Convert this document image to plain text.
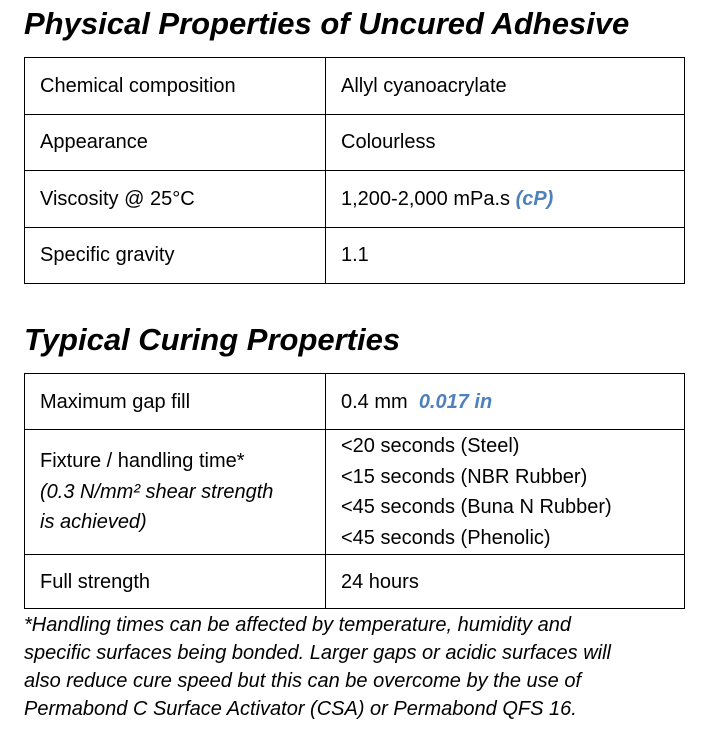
Physical Properties of Uncured Adhesive
Chemical composition	Allyl cyanoacrylate
Appearance	Colourless
Viscosity @ 25°C	1,200-2,000 mPa.s (cP)
Specific gravity	1.1
Typical Curing Properties
Maximum gap fill	0.4 mm 0.017 in

Fixture / handling time*
(0.3 N/mm² shear strength
is achieved)	<20 seconds (Steel)
<15 seconds (NBR Rubber)
<45 seconds (Buna N Rubber)
<45 seconds (Phenolic)

Full strength	24 hours

*Handling times can be affected by temperature, humidity and
specific surfaces being bonded. Larger gaps or acidic surfaces will
also reduce cure speed but this can be overcome by the use of
Permabond C Surface Activator (CSA) or Permabond QFS 16.
